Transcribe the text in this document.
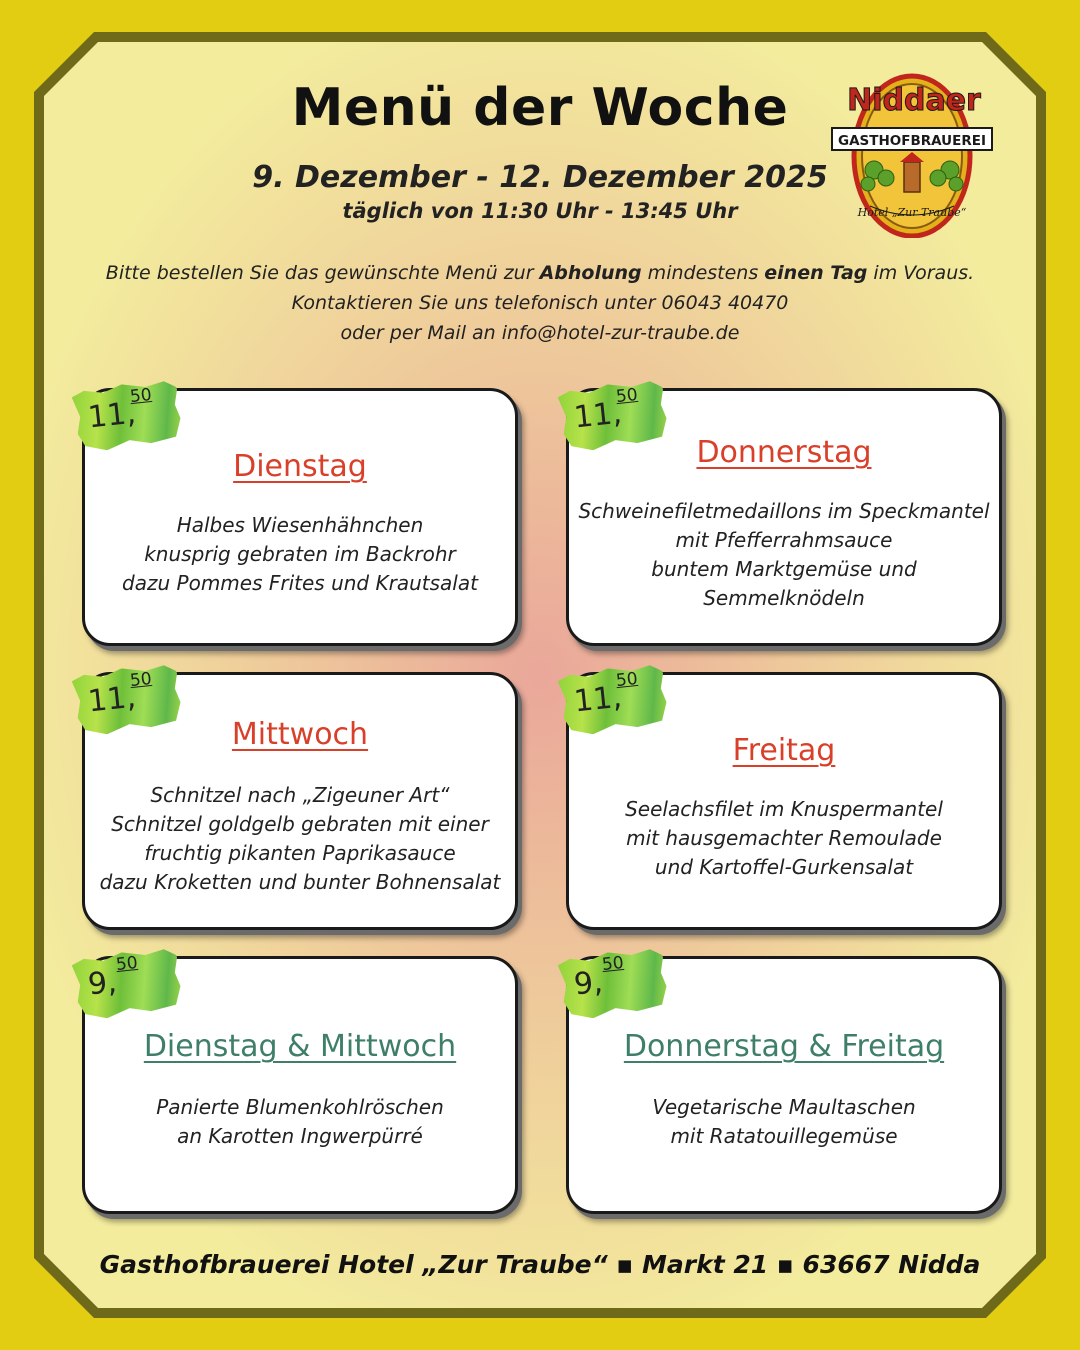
Menü der Woche
9. Dezember - 12. Dezember 2025
täglich von 11:30 Uhr - 13:45 Uhr
Bitte bestellen Sie das gewünschte Menü zur Abholung mindestens einen Tag im Voraus.
Kontaktieren Sie uns telefonisch unter 06043 40470
oder per Mail an info@hotel-zur-traube.de
Niddaer
GASTHOFBRAUEREI
Hotel „Zur Traube“
Dienstag
Halbes Wiesenhähnchen
knusprig gebraten im Backrohr
dazu Pommes Frites und Krautsalat
11,
50
Donnerstag
Schweinefiletmedaillons im Speckmantel
mit Pfefferrahmsauce
buntem Marktgemüse und
Semmelknödeln
11,
50
Mittwoch
Schnitzel nach „Zigeuner Art“
Schnitzel goldgelb gebraten mit einer
fruchtig pikanten Paprikasauce
dazu Kroketten und bunter Bohnensalat
11,
50
Freitag
Seelachsfilet im Knuspermantel
mit hausgemachter Remoulade
und Kartoffel-Gurkensalat
11,
50
Dienstag & Mittwoch
Panierte Blumenkohlröschen
an Karotten Ingwerpürré
9,
50
Donnerstag & Freitag
Vegetarische Maultaschen
mit Ratatouillegemüse
9,
50
Gasthofbrauerei Hotel „Zur Traube“ ▪ Markt 21 ▪ 63667 Nidda
